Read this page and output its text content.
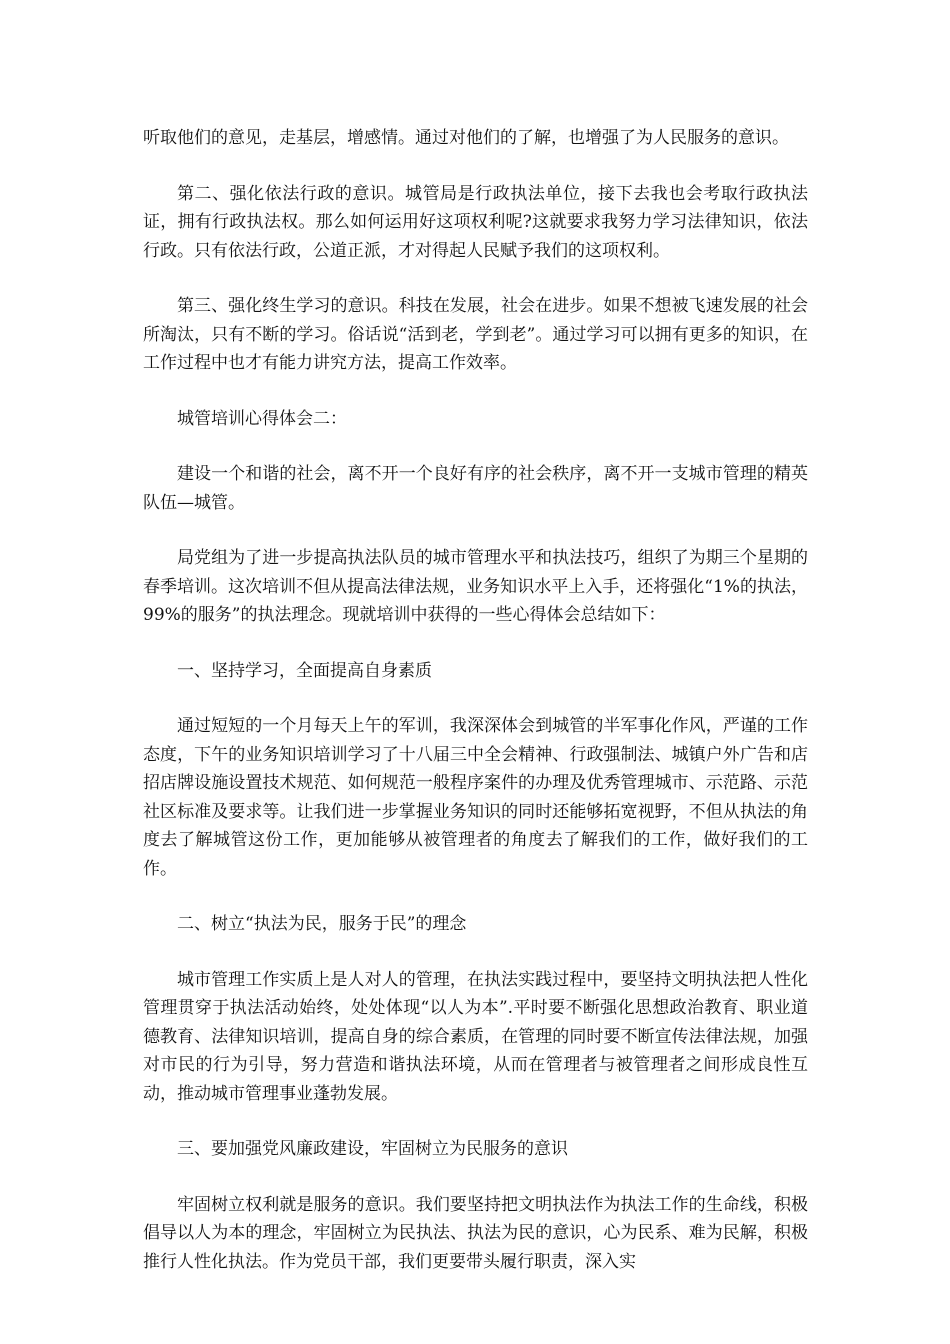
听取他们的意见，走基层，增感情。通过对他们的了解，也增强了为人民服务的意识。

第二、强化依法行政的意识。城管局是行政执法单位，接下去我也会考取行政执法证，拥有行政执法权。那么如何运用好这项权利呢?这就要求我努力学习法律知识，依法行政。只有依法行政，公道正派，才对得起人民赋予我们的这项权利。

第三、强化终生学习的意识。科技在发展，社会在进步。如果不想被飞速发展的社会所淘汰，只有不断的学习。俗话说“活到老，学到老”。通过学习可以拥有更多的知识，在工作过程中也才有能力讲究方法，提高工作效率。

城管培训心得体会二：

建设一个和谐的社会，离不开一个良好有序的社会秩序，离不开一支城市管理的精英队伍—城管。

局党组为了进一步提高执法队员的城市管理水平和执法技巧，组织了为期三个星期的春季培训。这次培训不但从提高法律法规，业务知识水平上入手，还将强化“1%的执法，99%的服务”的执法理念。现就培训中获得的一些心得体会总结如下：

一、坚持学习，全面提高自身素质

通过短短的一个月每天上午的军训，我深深体会到城管的半军事化作风，严谨的工作态度，下午的业务知识培训学习了十八届三中全会精神、行政强制法、城镇户外广告和店招店牌设施设置技术规范、如何规范一般程序案件的办理及优秀管理城市、示范路、示范社区标准及要求等。让我们进一步掌握业务知识的同时还能够拓宽视野，不但从执法的角度去了解城管这份工作，更加能够从被管理者的角度去了解我们的工作，做好我们的工作。

二、树立“执法为民，服务于民”的理念

城市管理工作实质上是人对人的管理，在执法实践过程中，要坚持文明执法把人性化管理贯穿于执法活动始终，处处体现“以人为本”.平时要不断强化思想政治教育、职业道德教育、法律知识培训，提高自身的综合素质，在管理的同时要不断宣传法律法规，加强对市民的行为引导，努力营造和谐执法环境，从而在管理者与被管理者之间形成良性互动，推动城市管理事业蓬勃发展。

三、要加强党风廉政建设，牢固树立为民服务的意识

牢固树立权利就是服务的意识。我们要坚持把文明执法作为执法工作的生命线，积极倡导以人为本的理念，牢固树立为民执法、执法为民的意识，心为民系、难为民解，积极推行人性化执法。作为党员干部，我们更要带头履行职责，深入实
